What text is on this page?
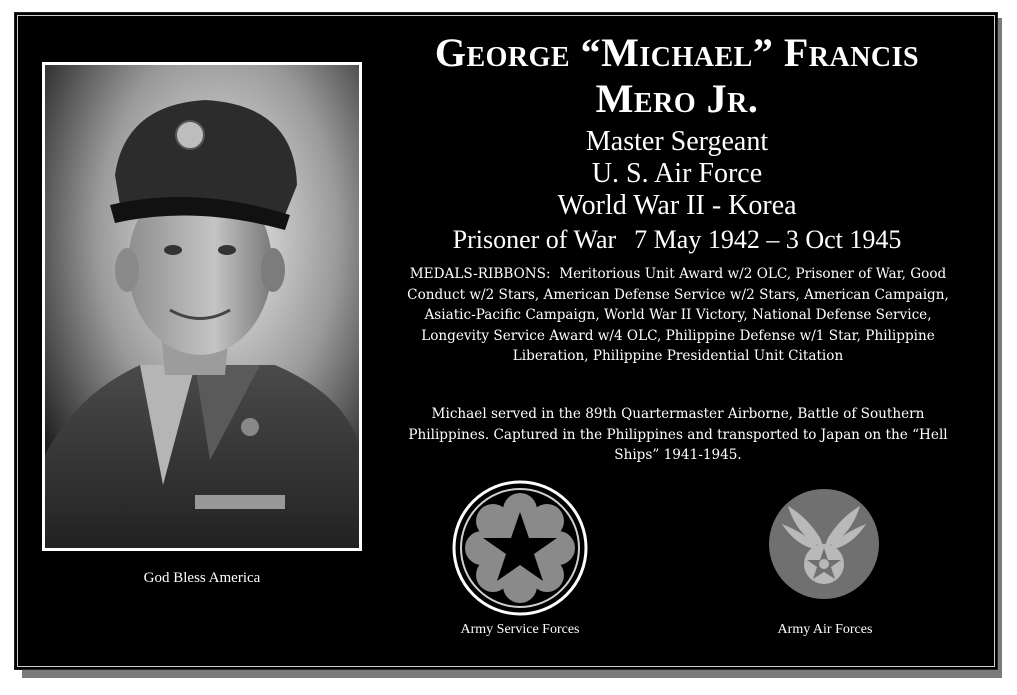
God Bless America
George “Michael” Francis
Mero Jr.
Master Sergeant
U. S. Air Force
World War II - Korea
Prisoner of War 7 May 1942 – 3 Oct 1945
MEDALS-RIBBONS: Meritorious Unit Award w/2 OLC, Prisoner of War, Good Conduct w/2 Stars, American Defense Service w/2 Stars, American Campaign, Asiatic-Pacific Campaign, World War II Victory, National Defense Service, Longevity Service Award w/4 OLC, Philippine Defense w/1 Star, Philippine Liberation, Philippine Presidential Unit Citation
Michael served in the 89th Quartermaster Airborne, Battle of Southern Philippines. Captured in the Philippines and transported to Japan on the “Hell Ships” 1941-1945.
Army Service Forces	Army Air Forces
